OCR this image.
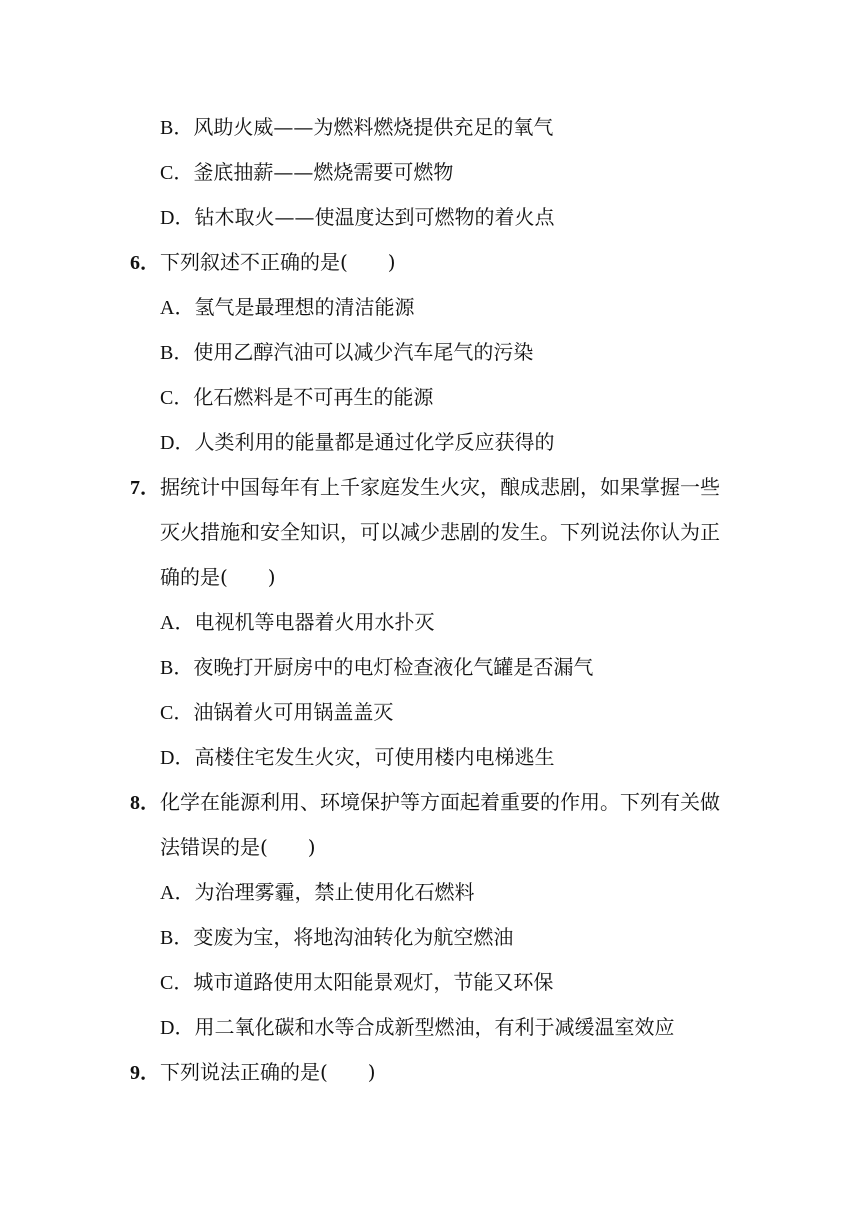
B．风助火威——为燃料燃烧提供充足的氧气
C．釜底抽薪——燃烧需要可燃物
D．钻木取火——使温度达到可燃物的着火点
6．下列叙述不正确的是(　　)
A．氢气是最理想的清洁能源
B．使用乙醇汽油可以减少汽车尾气的污染
C．化石燃料是不可再生的能源
D．人类利用的能量都是通过化学反应获得的
7．据统计中国每年有上千家庭发生火灾，酿成悲剧，如果掌握一些
灭火措施和安全知识，可以减少悲剧的发生。下列说法你认为正
确的是(　　)
A．电视机等电器着火用水扑灭
B．夜晚打开厨房中的电灯检查液化气罐是否漏气
C．油锅着火可用锅盖盖灭
D．高楼住宅发生火灾，可使用楼内电梯逃生
8．化学在能源利用、环境保护等方面起着重要的作用。下列有关做
法错误的是(　　)
A．为治理雾霾，禁止使用化石燃料
B．变废为宝，将地沟油转化为航空燃油
C．城市道路使用太阳能景观灯，节能又环保
D．用二氧化碳和水等合成新型燃油，有利于减缓温室效应
9．下列说法正确的是(　　)
